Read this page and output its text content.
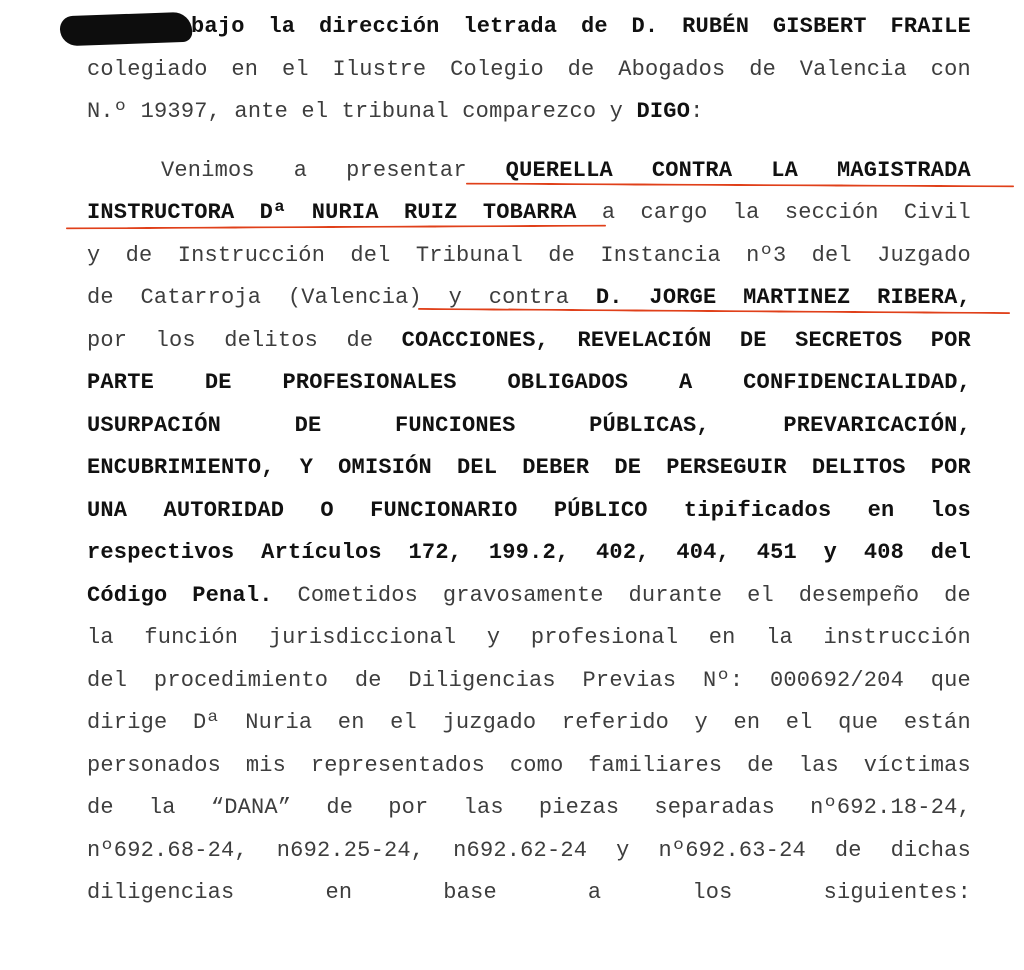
bajo la dirección letrada de D. RUBÉN GISBERT FRAILE
colegiado en el Ilustre Colegio de Abogados de Valencia con
N.º 19397, ante el tribunal comparezco y DIGO:
Venimos a presentar QUERELLA CONTRA LA MAGISTRADA
INSTRUCTORA Dª NURIA RUIZ TOBARRA a cargo la sección Civil
y de Instrucción del Tribunal de Instancia nº3 del Juzgado
de Catarroja (Valencia) y contra D. JORGE MARTINEZ RIBERA,
por los delitos de COACCIONES, REVELACIÓN DE SECRETOS POR
PARTE DE PROFESIONALES OBLIGADOS A CONFIDENCIALIDAD,
USURPACIÓN	DE	FUNCIONES	PÚBLICAS,	PREVARICACIÓN,
ENCUBRIMIENTO, Y OMISIÓN DEL DEBER DE PERSEGUIR DELITOS POR
UNA AUTORIDAD O FUNCIONARIO PÚBLICO tipificados en los
respectivos Artículos 172, 199.2, 402, 404, 451 y 408 del
Código Penal. Cometidos gravosamente durante el desempeño de
la función jurisdiccional y profesional en la instrucción
del procedimiento de Diligencias Previas Nº: 000692/204 que
dirige Dª Nuria en el juzgado referido y en el que están
personados mis representados como familiares de las víctimas
de la “DANA” de por las piezas separadas nº692.18-24,
nº692.68-24, n692.25-24, n692.62-24 y nº692.63-24 de dichas
diligencias	en	base	a	los	siguientes:
